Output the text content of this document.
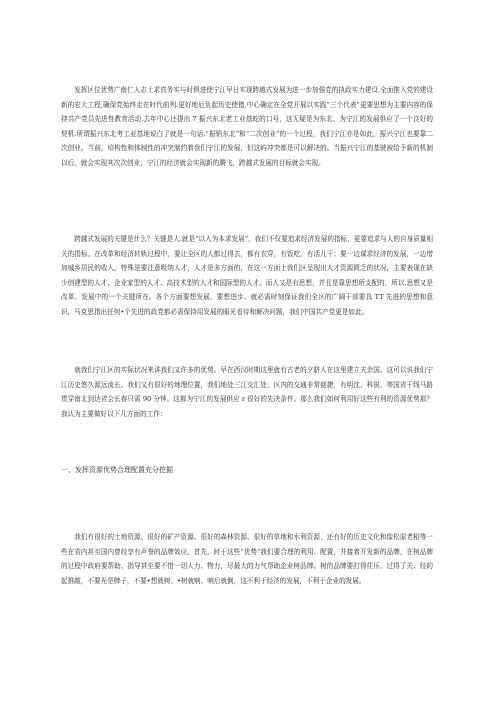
发挥区位优势广南仁人志士求真务实与时俱进使宁江早日实现跨越式发展为进一步加强党的执政实力建设.全面推入党的建设新的宏大工程,确保党始终走在时代前列.更好地厄负起历史使错,中心确定在全党开展以实践“三个代表”更要思想为主要内容的保持共产党员先进性教育活动.去年中心还提出 7 振兴东北老工业基蛇的口号，这无疑是为东北、为宁江的发展供应了一个良好的契机.所谓振兴东北考工亚基地说白了就是一句话.“振销东北”和“二次创业”的一个过程，我们宁江亦是如此，振兴宁江也要靠二次创业。当前，培构性和体制性的冲突制约着我们宁江的发展，但这屿冲突都是可以解决的。当振兴宁江的基驶被给予新的机制以后，就会实现其次次创业，宁江的经济就会实现新的腾飞，跨越式发展的目标就会实现。

跨越式发展的关键是什么？关键是人.就是“以人为本求发展”，我们不仅要追求经济发展的指标，更要追求与人的自身质量相关的指标。在改革和经济转轨过程中，要让全区的人都过得去，都有衣穿，有饭吃，有活儿干；要一边谋求经济的发展，一边增加城乡居民的收入，特殊是要注意吸纳人才，人才是多方面的，在这一方面上我们区呈现出人才资源匮乏的状况，主要表现在缺少创建型的人才、企业家型的人才、高技术型的人才和国际型的人才。而人又是有思想，并且是靠思想所支配的，所以.思想又是改革、发展中的一个关键所在。各个方面要想发展、要想进步、就必需时刻保证我们全区的广阔干部要具 TT 先进的思想和意识，马克思指出任何•个先进的政党都必需保持用发展的眼光看待和解决问题，我们中国共产党更是如此。

就我们宁江区的实际状况来讲我们又许多的优势。早在西汉时期这里就有古老的夕脐人在这里建立夫余国。这可以说我们宁江历史悠久源远流长。我们又有很好的地理位置，我们地处三江交汇处，区内的交通非常便捷，有明沈、科锐、等国省干线马路贯穿南北到达省会长春只需 90 分钟。这都为宁江的发展供应 r 很好的先决条件。那么我们如何利用好这些有利的资源优势那？我认为主要做好以下几方面的工作：

一、发挥资源优势合理配置充分挖掘

我们有很好的土地资源、很好的矿产资源、很好的森林资源、很好的草地和水利资源，还有好的历史文化和像松原老相等一些在省内甚至国内曾经享有声誉的品牌效应。首先，时于这些“优势”我们要合理的利用、配置，并接着开发新的品牌，在树品牌的过程中政府要帮助、指导甚至要不惜一切人力、物力，尽最大的力气帮助企业树品牌。树的品牌要打得住压、过得了关、经的起推敲，不要光是牌子，不要•想就树、•树就响、响后就倒，这不利于经济的发展，不利于企业的发展。
